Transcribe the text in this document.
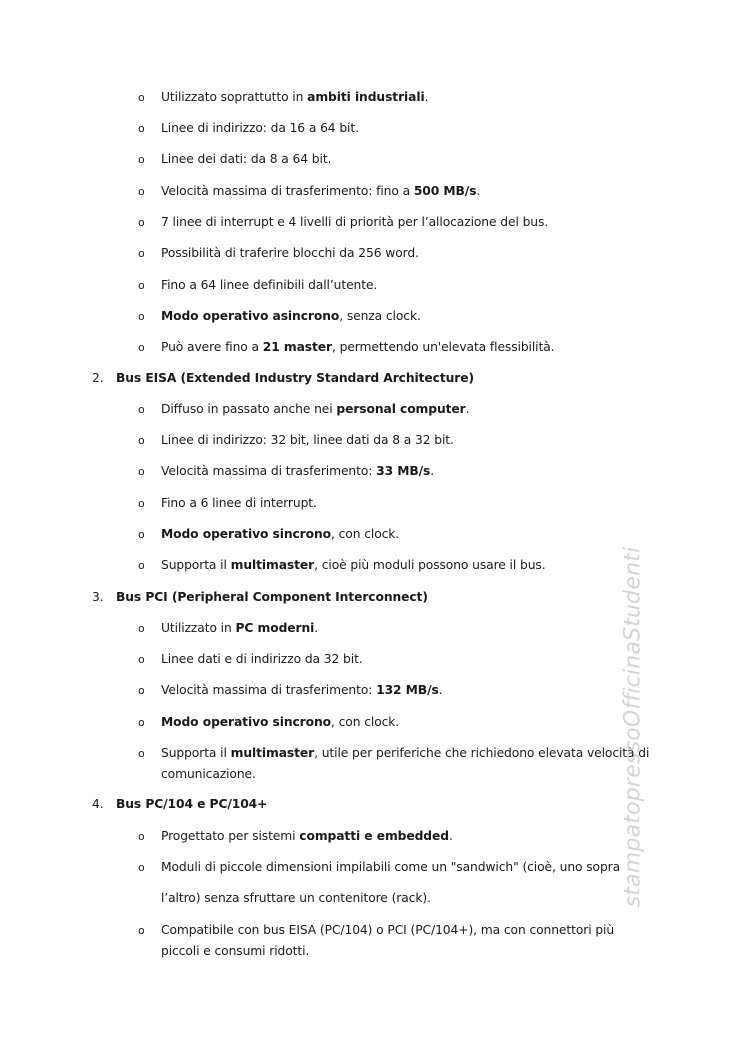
o Utilizzato soprattutto in ambiti industriali.
o Linee di indirizzo: da 16 a 64 bit.
o Linee dei dati: da 8 a 64 bit.
o Velocità massima di trasferimento: fino a 500 MB/s.
o 7 linee di interrupt e 4 livelli di priorità per l’allocazione del bus.
o Possibilità di traferire blocchi da 256 word.
o Fino a 64 linee definibili dall’utente.
o Modo operativo asincrono, senza clock.
o Può avere fino a 21 master, permettendo un'elevata flessibilità.
2. Bus EISA (Extended Industry Standard Architecture)
o Diffuso in passato anche nei personal computer.
o Linee di indirizzo: 32 bit, linee dati da 8 a 32 bit.
o Velocità massima di trasferimento: 33 MB/s.
o Fino a 6 linee di interrupt.
o Modo operativo sincrono, con clock.
o Supporta il multimaster, cioè più moduli possono usare il bus.
3. Bus PCI (Peripheral Component Interconnect)
o Utilizzato in PC moderni.
o Linee dati e di indirizzo da 32 bit.
o Velocità massima di trasferimento: 132 MB/s.
o Modo operativo sincrono, con clock.
o Supporta il multimaster, utile per periferiche che richiedono elevata velocità di
comunicazione.
4. Bus PC/104 e PC/104+
o Progettato per sistemi compatti e embedded.
o Moduli di piccole dimensioni impilabili come un "sandwich" (cioè, uno sopra
l’altro) senza sfruttare un contenitore (rack).
o Compatibile con bus EISA (PC/104) o PCI (PC/104+), ma con connettori più
piccoli e consumi ridotti.
stampatopressoOfficinaStudenti
